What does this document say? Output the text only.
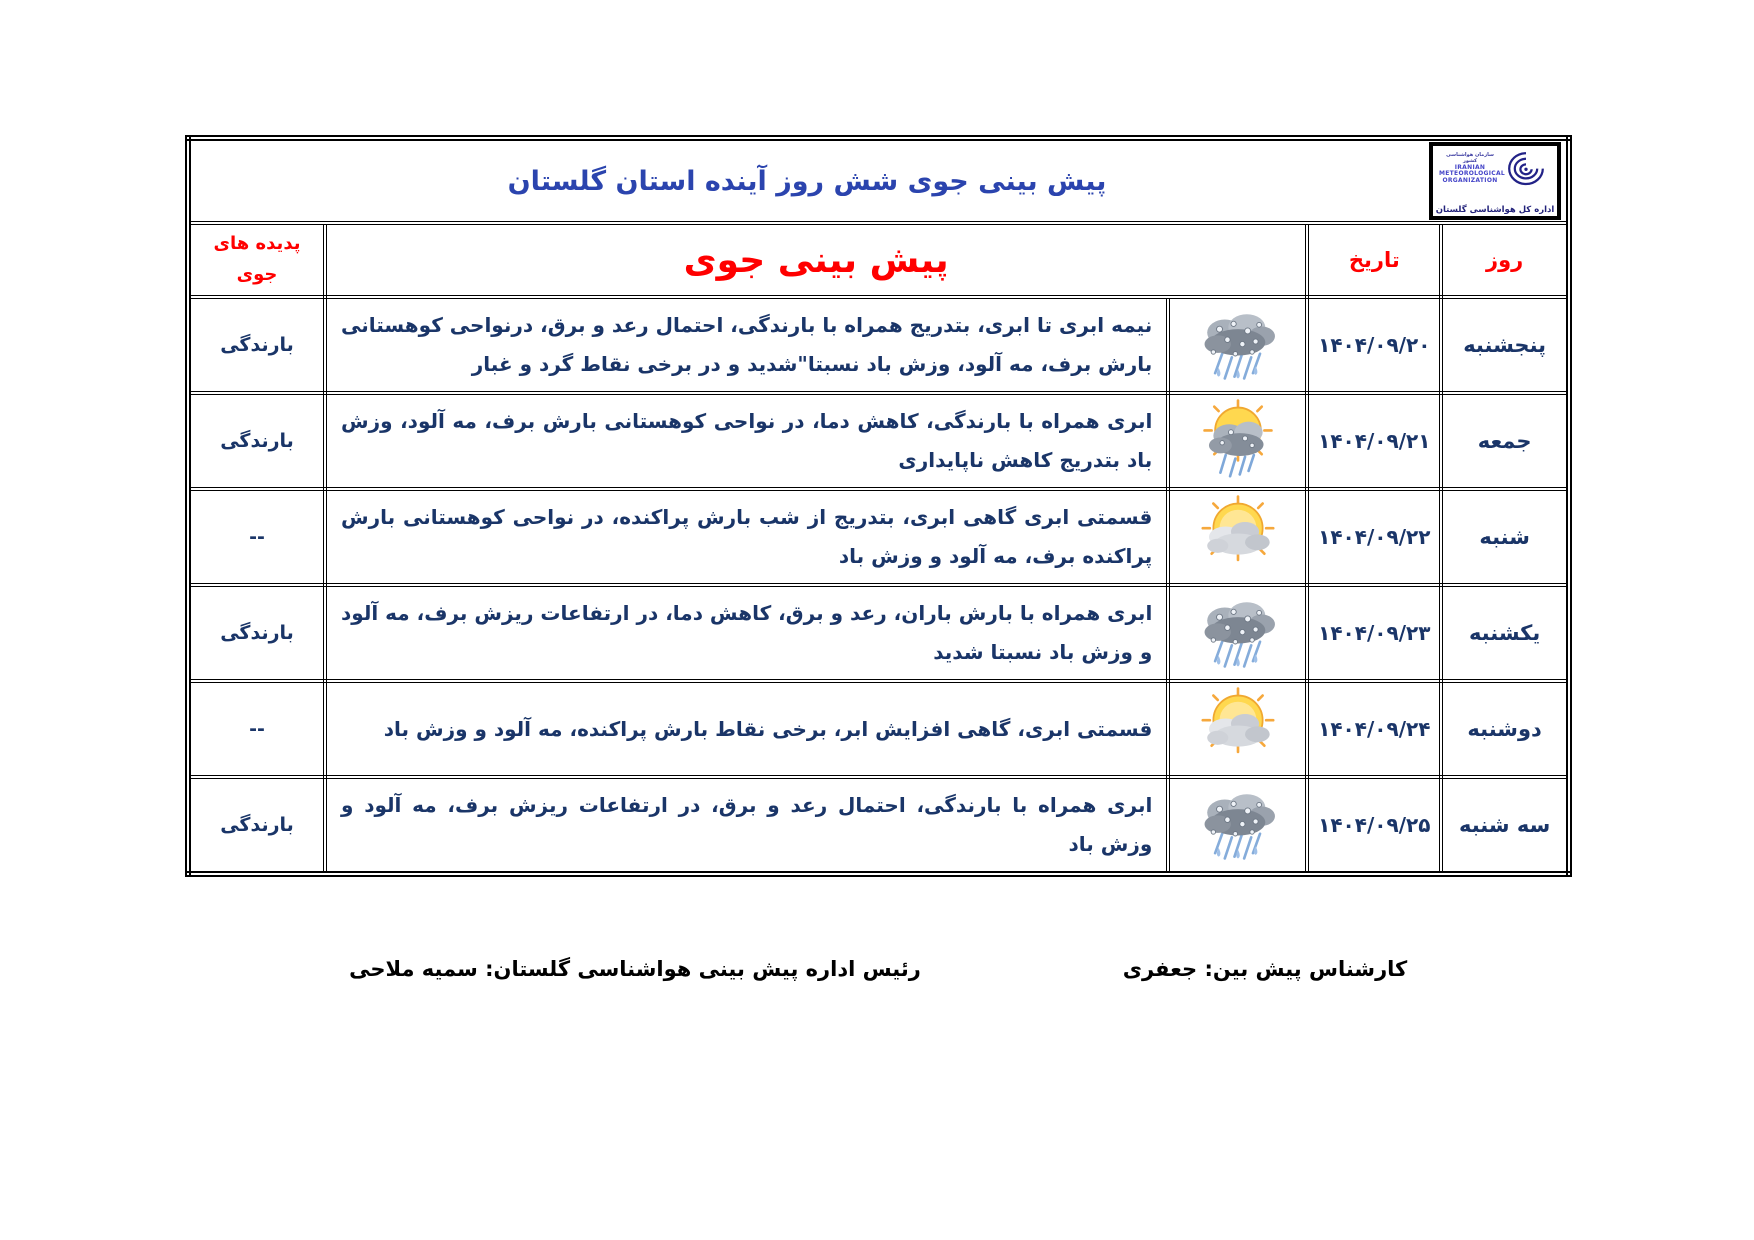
سازمان هواشناسی کشور
IRANIAN
METEOROLOGICAL
ORGANIZATION
اداره کل هواشناسی گلستان
پیش بینی جوی شش روز آینده استان گلستان

روز	تاریخ	پیش بینی جوی		پدیده های
جوی

پنجشنبه	۱۴۰۴/۰۹/۲۰		نیمه ابری تا ابری، بتدریج همراه با بارندگی، احتمال رعد و برق، درنواحی کوهستانی بارش برف، مه آلود، وزش باد نسبتا"شدید و در برخی نقاط گرد و غبار	بارندگی
جمعه	۱۴۰۴/۰۹/۲۱		ابری همراه با بارندگی، کاهش دما، در نواحی کوهستانی بارش برف، مه آلود، وزش باد بتدریج کاهش ناپایداری	بارندگی
شنبه	۱۴۰۴/۰۹/۲۲		قسمتی ابری گاهی ابری، بتدریج از شب بارش پراکنده، در نواحی کوهستانی بارش پراکنده برف، مه آلود و وزش باد	--
یکشنبه	۱۴۰۴/۰۹/۲۳		ابری همراه با بارش باران، رعد و برق، کاهش دما، در ارتفاعات ریزش برف، مه آلود و وزش باد نسبتا شدید	بارندگی
دوشنبه	۱۴۰۴/۰۹/۲۴		قسمتی ابری، گاهی افزایش ابر، برخی نقاط بارش پراکنده، مه آلود و وزش باد	--
سه شنبه	۱۴۰۴/۰۹/۲۵		ابری همراه با بارندگی، احتمال رعد و برق، در ارتفاعات ریزش برف، مه آلود و وزش باد	بارندگی
کارشناس پیش بین: جعفری
رئیس اداره پیش بینی هواشناسی گلستان: سمیه ملاحی
